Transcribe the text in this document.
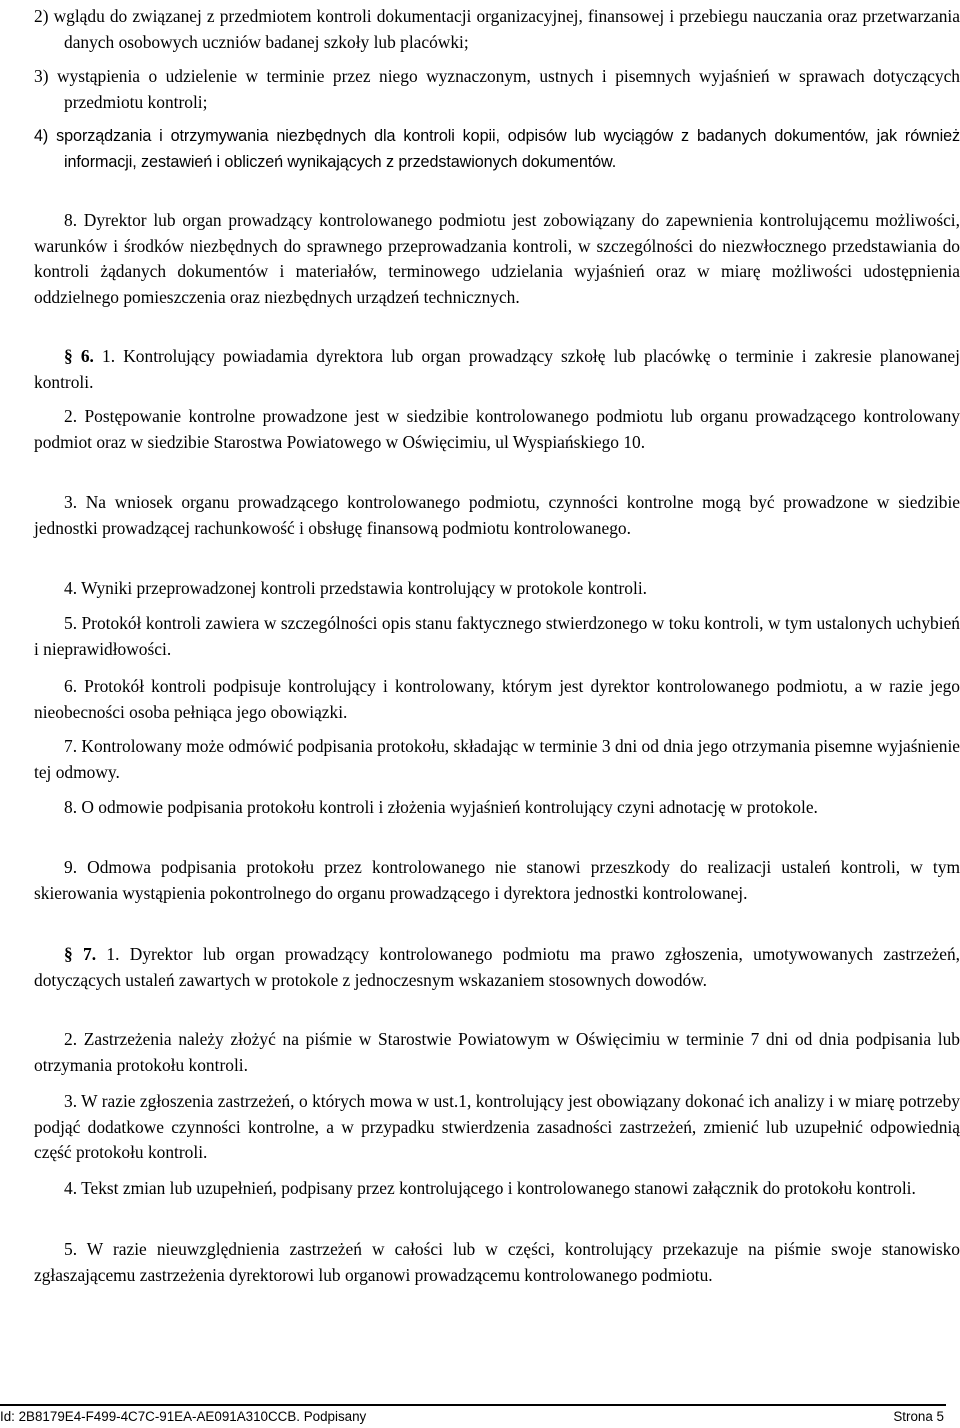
2) wglądu do związanej z przedmiotem kontroli dokumentacji organizacyjnej, finansowej i przebiegu nauczania oraz przetwarzania danych osobowych uczniów badanej szkoły lub placówki;

3) wystąpienia o udzielenie w terminie przez niego wyznaczonym, ustnych i pisemnych wyjaśnień w sprawach dotyczących przedmiotu kontroli;

4) sporządzania i otrzymywania niezbędnych dla kontroli kopii, odpisów lub wyciągów z badanych dokumentów, jak również informacji, zestawień i obliczeń wynikających z przedstawionych dokumentów.

8. Dyrektor lub organ prowadzący kontrolowanego podmiotu jest zobowiązany do zapewnienia kontrolującemu możliwości, warunków i środków niezbędnych do sprawnego przeprowadzania kontroli, w szczególności do niezwłocznego przedstawiania do kontroli żądanych dokumentów i materiałów, terminowego udzielania wyjaśnień oraz w miarę możliwości udostępnienia oddzielnego pomieszczenia oraz niezbędnych urządzeń technicznych.

§ 6. 1. Kontrolujący powiadamia dyrektora lub organ prowadzący szkołę lub placówkę o terminie i zakresie planowanej kontroli.

2. Postępowanie kontrolne prowadzone jest w siedzibie kontrolowanego podmiotu lub organu prowadzącego kontrolowany podmiot oraz w siedzibie Starostwa Powiatowego w Oświęcimiu, ul Wyspiańskiego 10.

3. Na wniosek organu prowadzącego kontrolowanego podmiotu, czynności kontrolne mogą być prowadzone w siedzibie jednostki prowadzącej rachunkowość i obsługę finansową podmiotu kontrolowanego.

4. Wyniki przeprowadzonej kontroli przedstawia kontrolujący w protokole kontroli.

5. Protokół kontroli zawiera w szczególności opis stanu faktycznego stwierdzonego w toku kontroli, w tym ustalonych uchybień i nieprawidłowości.

6. Protokół kontroli podpisuje kontrolujący i kontrolowany, którym jest dyrektor kontrolowanego podmiotu, a w razie jego nieobecności osoba pełniąca jego obowiązki.

7. Kontrolowany może odmówić podpisania protokołu, składając w terminie 3 dni od dnia jego otrzymania pisemne wyjaśnienie tej odmowy.

8. O odmowie podpisania protokołu kontroli i złożenia wyjaśnień kontrolujący czyni adnotację w protokole.

9. Odmowa podpisania protokołu przez kontrolowanego nie stanowi przeszkody do realizacji ustaleń kontroli, w tym skierowania wystąpienia pokontrolnego do organu prowadzącego i dyrektora jednostki kontrolowanej.

§ 7. 1. Dyrektor lub organ prowadzący kontrolowanego podmiotu ma prawo zgłoszenia, umotywowanych zastrzeżeń, dotyczących ustaleń zawartych w protokole z jednoczesnym wskazaniem stosownych dowodów.

2. Zastrzeżenia należy złożyć na piśmie w Starostwie Powiatowym w Oświęcimiu w terminie 7 dni od dnia podpisania lub otrzymania protokołu kontroli.

3. W razie zgłoszenia zastrzeżeń, o których mowa w ust.1, kontrolujący jest obowiązany dokonać ich analizy i w miarę potrzeby podjąć dodatkowe czynności kontrolne, a w przypadku stwierdzenia zasadności zastrzeżeń, zmienić lub uzupełnić odpowiednią część protokołu kontroli.

4. Tekst zmian lub uzupełnień, podpisany przez kontrolującego i kontrolowanego stanowi załącznik do protokołu kontroli.

5. W razie nieuwzględnienia zastrzeżeń w całości lub w części, kontrolujący przekazuje na piśmie swoje stanowisko zgłaszającemu zastrzeżenia dyrektorowi lub organowi prowadzącemu kontrolowanego podmiotu.

Id: 2B8179E4-F499-4C7C-91EA-AE091A310CCB. Podpisany	Strona 5
